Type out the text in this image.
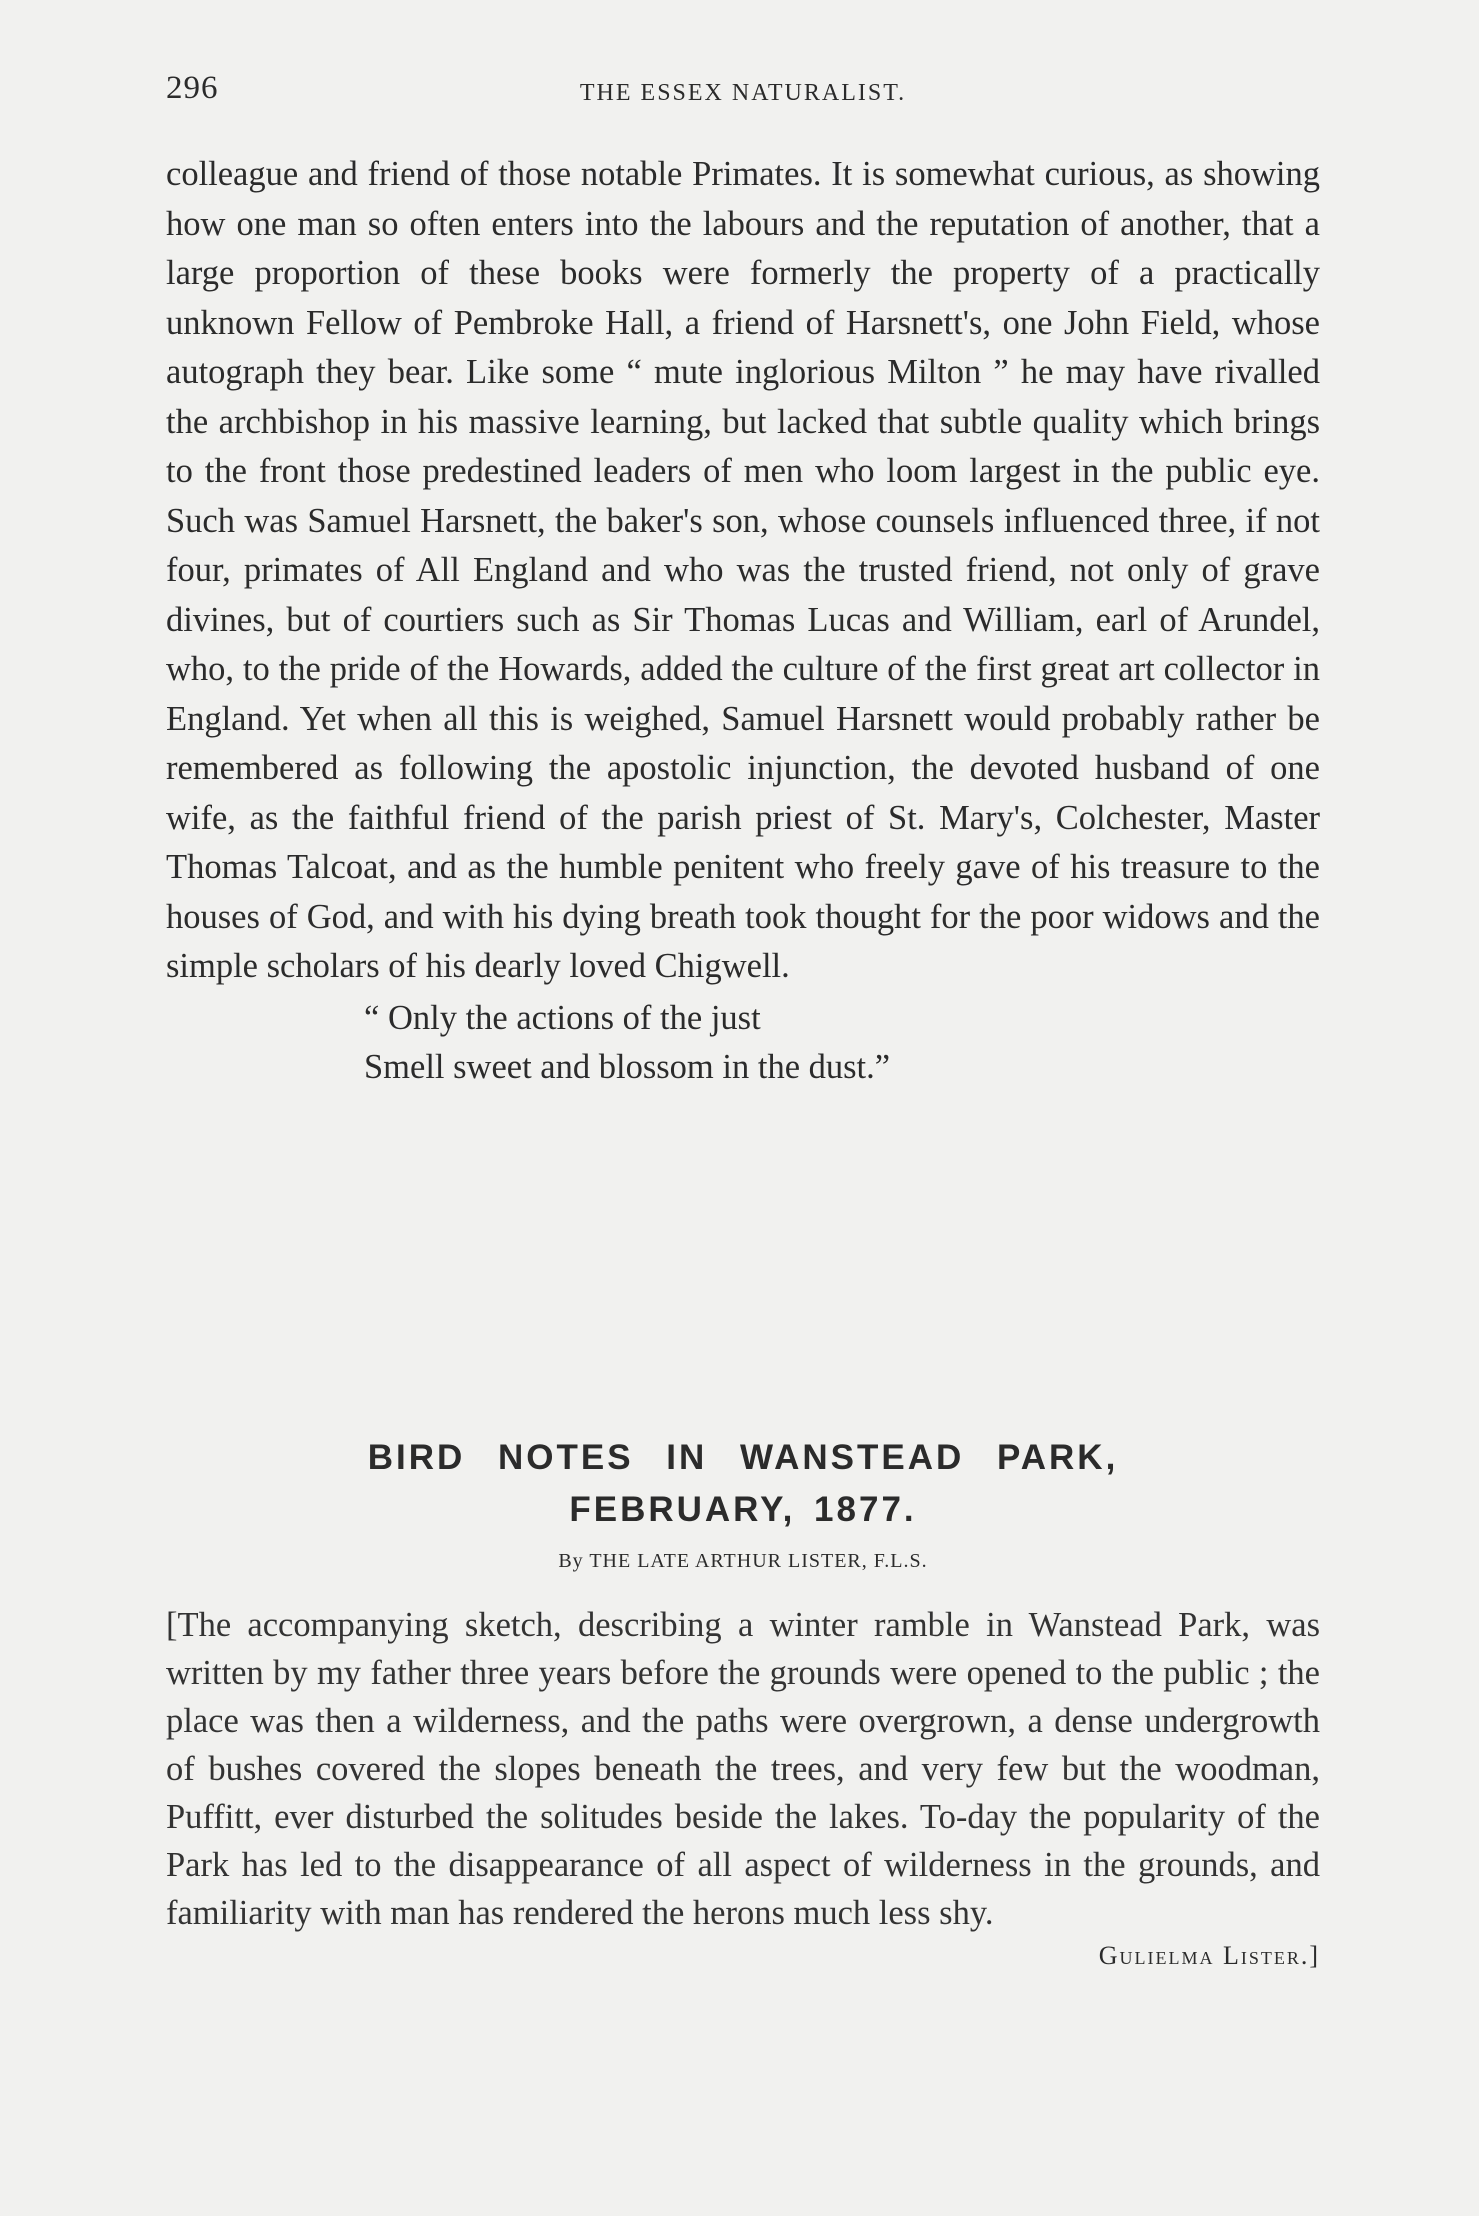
296	THE ESSEX NATURALIST.

colleague and friend of those notable Primates. It is somewhat curious, as showing how one man so often enters into the labours and the reputation of another, that a large proportion of these books were formerly the property of a practically unknown Fellow of Pembroke Hall, a friend of Harsnett's, one John Field, whose autograph they bear. Like some “ mute inglorious Milton ” he may have rivalled the archbishop in his massive learning, but lacked that subtle quality which brings to the front those predestined leaders of men who loom largest in the public eye. Such was Samuel Harsnett, the baker's son, whose counsels influenced three, if not four, primates of All England and who was the trusted friend, not only of grave divines, but of courtiers such as Sir Thomas Lucas and William, earl of Arundel, who, to the pride of the Howards, added the culture of the first great art collector in England. Yet when all this is weighed, Samuel Harsnett would probably rather be remembered as following the apostolic injunction, the devoted husband of one wife, as the faithful friend of the parish priest of St. Mary's, Colchester, Master Thomas Talcoat, and as the humble penitent who freely gave of his treasure to the houses of God, and with his dying breath took thought for the poor widows and the simple scholars of his dearly loved Chigwell.

“ Only the actions of the just
Smell sweet and blossom in the dust.”
BIRD NOTES IN WANSTEAD PARK,
FEBRUARY, 1877.
By THE LATE ARTHUR LISTER, F.L.S.

[The accompanying sketch, describing a winter ramble in Wanstead Park, was written by my father three years before the grounds were opened to the public ; the place was then a wilderness, and the paths were overgrown, a dense undergrowth of bushes covered the slopes beneath the trees, and very few but the woodman, Puffitt, ever disturbed the solitudes beside the lakes. To-day the popularity of the Park has led to the disappearance of all aspect of wilderness in the grounds, and familiarity with man has rendered the herons much less shy.

Gulielma Lister.]
